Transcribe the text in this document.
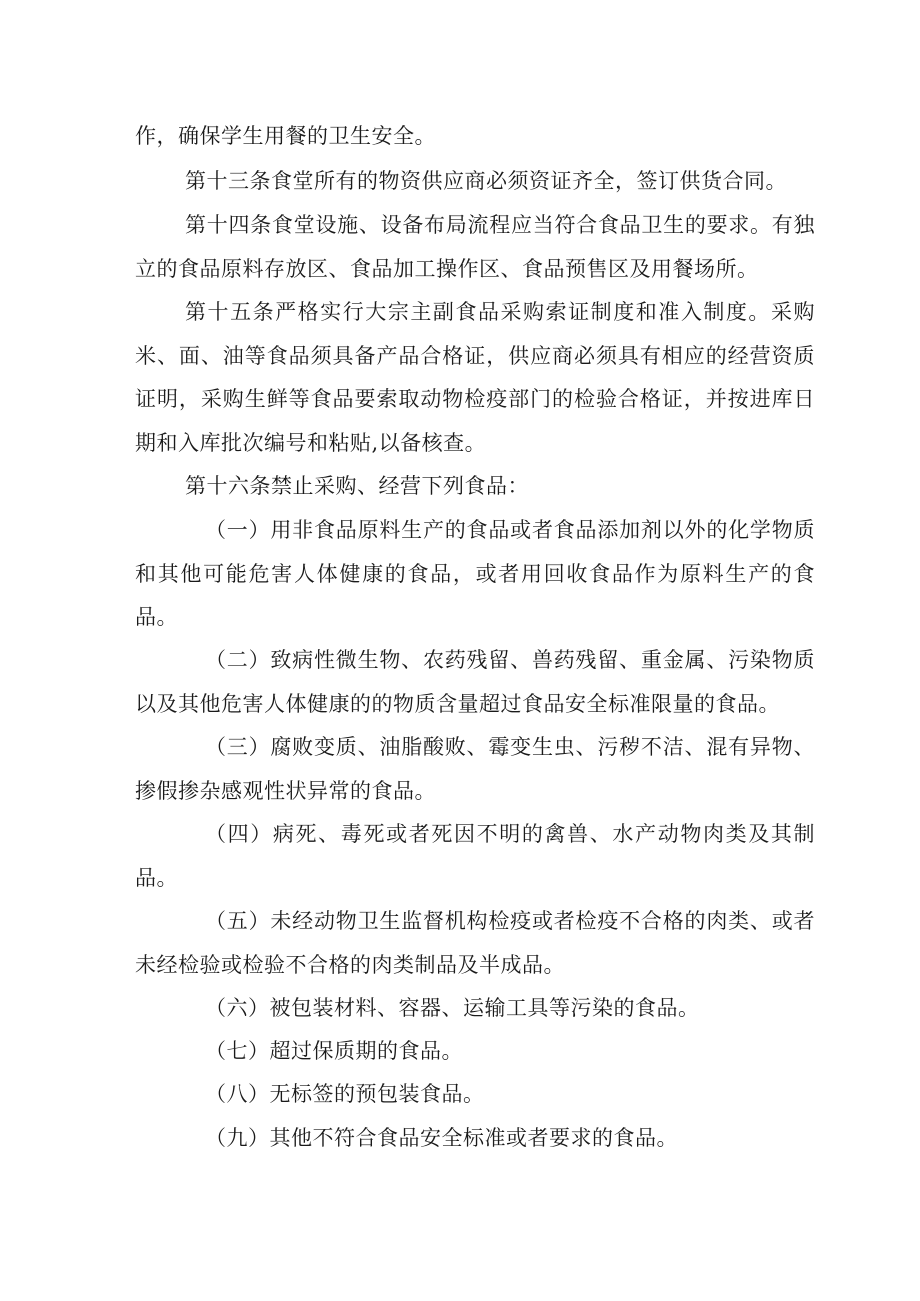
作，确保学生用餐的卫生安全。

第十三条食堂所有的物资供应商必须资证齐全，签订供货合同。

第十四条食堂设施、设备布局流程应当符合食品卫生的要求。有独立的食品原料存放区、食品加工操作区、食品预售区及用餐场所。

第十五条严格实行大宗主副食品采购索证制度和准入制度。采购米、面、油等食品须具备产品合格证，供应商必须具有相应的经营资质证明，采购生鲜等食品要索取动物检疫部门的检验合格证，并按进库日期和入库批次编号和粘贴,以备核查。

第十六条禁止采购、经营下列食品：

（一）用非食品原料生产的食品或者食品添加剂以外的化学物质和其他可能危害人体健康的食品，或者用回收食品作为原料生产的食品。

（二）致病性微生物、农药残留、兽药残留、重金属、污染物质以及其他危害人体健康的的物质含量超过食品安全标准限量的食品。

（三）腐败变质、油脂酸败、霉变生虫、污秽不洁、混有异物、掺假掺杂感观性状异常的食品。

（四）病死、毒死或者死因不明的禽兽、水产动物肉类及其制品。

（五）未经动物卫生监督机构检疫或者检疫不合格的肉类、或者未经检验或检验不合格的肉类制品及半成品。

（六）被包装材料、容器、运输工具等污染的食品。

（七）超过保质期的食品。

（八）无标签的预包装食品。

（九）其他不符合食品安全标准或者要求的食品。
